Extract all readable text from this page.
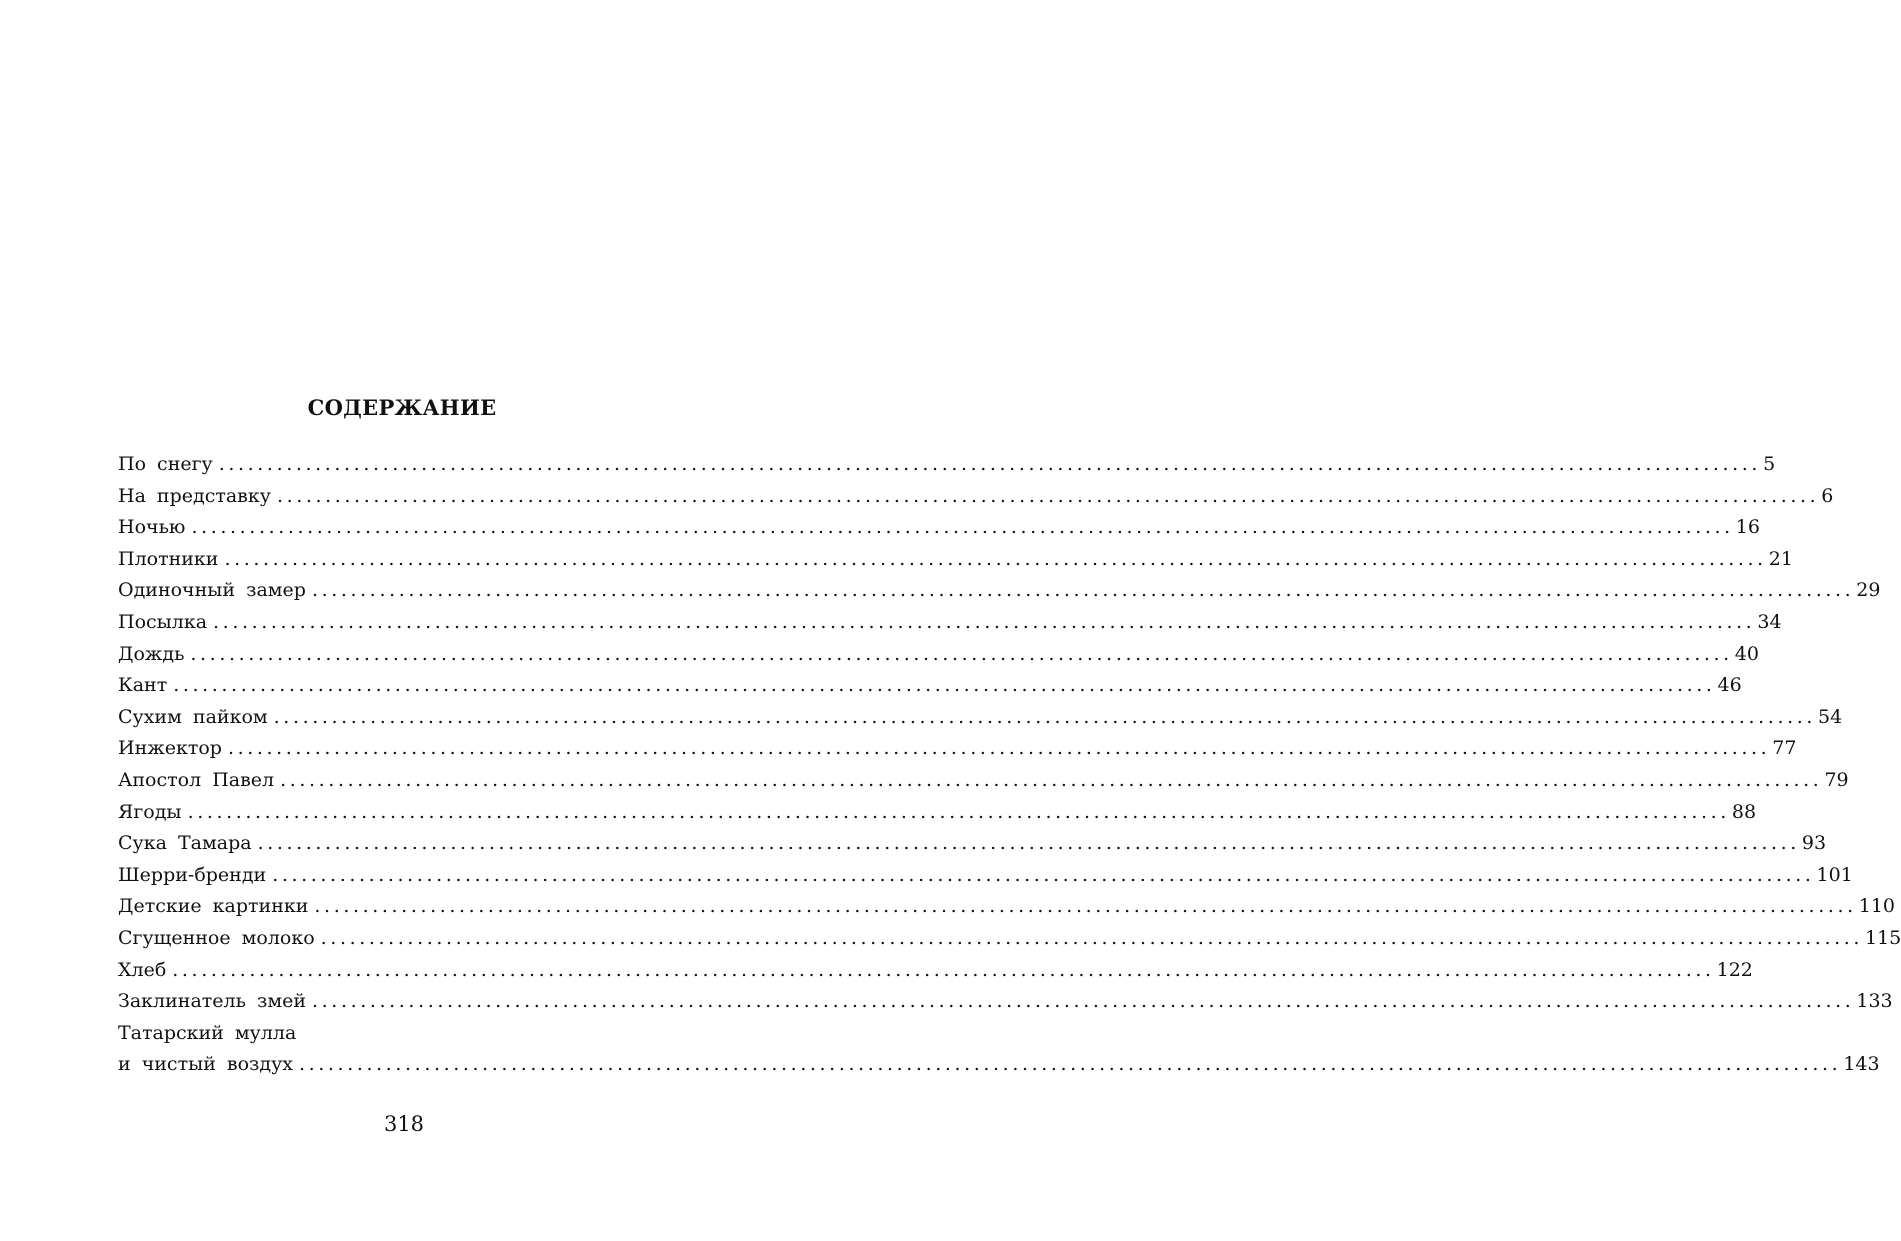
СОДЕРЖАНИЕ
По снегу ................................................................................................................................................................ 5
На представку ................................................................................................................................................................ 6
Ночью ................................................................................................................................................................ 16
Плотники ................................................................................................................................................................ 21
Одиночный замер ................................................................................................................................................................ 29
Посылка ................................................................................................................................................................ 34
Дождь ................................................................................................................................................................ 40
Кант ................................................................................................................................................................ 46
Сухим пайком ................................................................................................................................................................ 54
Инжектор ................................................................................................................................................................ 77
Апостол Павел ................................................................................................................................................................ 79
Ягоды ................................................................................................................................................................ 88
Сука Тамара ................................................................................................................................................................ 93
Шерри-бренди ................................................................................................................................................................ 101
Детские картинки ................................................................................................................................................................ 110
Сгущенное молоко ................................................................................................................................................................ 115
Хлеб ................................................................................................................................................................ 122
Заклинатель змей ................................................................................................................................................................ 133
Татарский мулла
и чистый воздух ................................................................................................................................................................ 143
318
